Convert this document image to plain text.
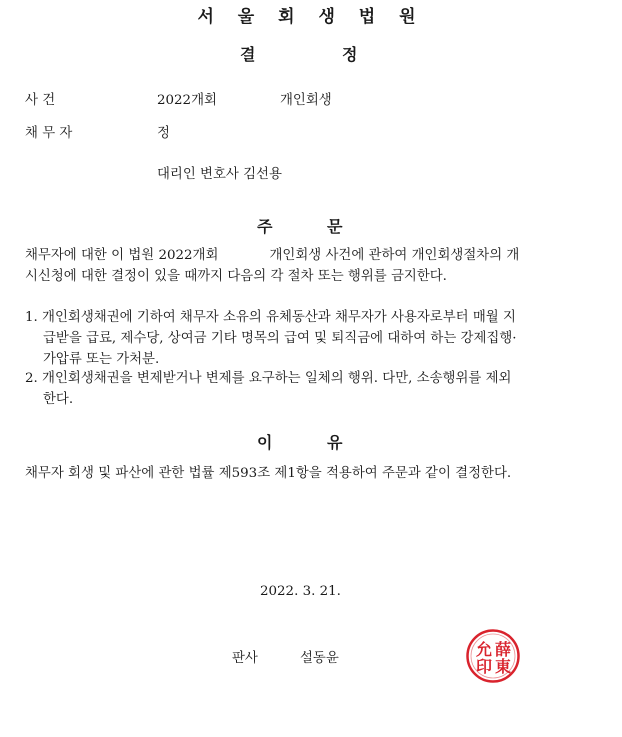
서 울 회 생 법 원
결	정
사 건	2022개회	개인회생
채 무 자	정
대리인 변호사 김선용
주	문
채무자에 대한 이 법원 2022개회            개인회생 사건에 관하여 개인회생절차의 개
시신청에 대한 결정이 있을 때까지 다음의 각 절차 또는 행위를 금지한다.
1. 개인회생채권에 기하여 채무자 소유의 유체동산과 채무자가 사용자로부터 매월 지
급받을 급료, 제수당, 상여금 기타 명목의 급여 및 퇴직금에 대하여 하는 강제집행·
가압류 또는 가처분.
2. 개인회생채권을 변제받거나 변제를 요구하는 일체의 행위. 다만, 소송행위를 제외
한다.
이	유
채무자 회생 및 파산에 관한 법률 제593조 제1항을 적용하여 주문과 같이 결정한다.
2022. 3. 21.
판사	설동윤	薛
東
允
印
